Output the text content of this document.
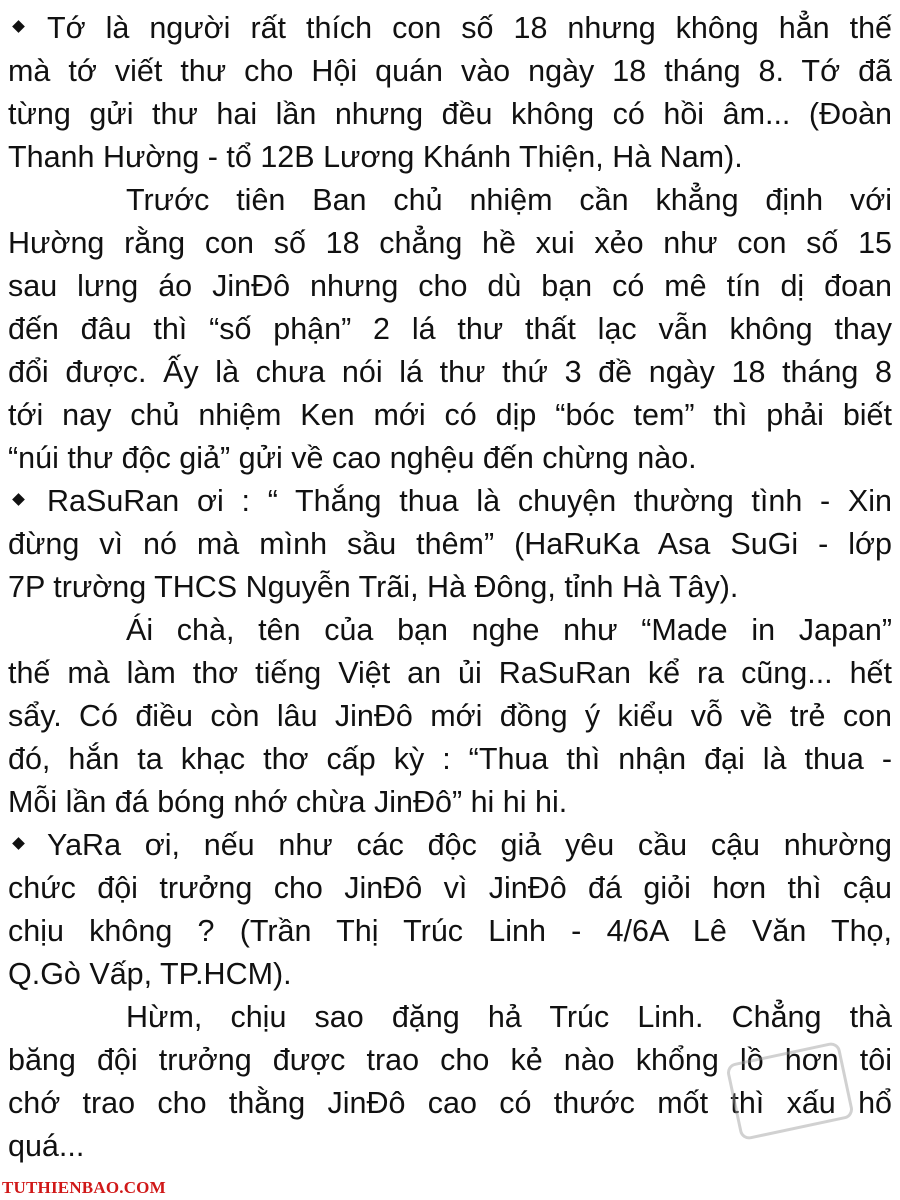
Tớ là người rất thích con số 18 nhưng không hẳn thế
mà tớ viết thư cho Hội quán vào ngày 18 tháng 8. Tớ đã
từng gửi thư hai lần nhưng đều không có hồi âm... (Đoàn
Thanh Hường - tổ 12B Lương Khánh Thiện, Hà Nam).
Trước tiên Ban chủ nhiệm cần khẳng định với
Hường rằng con số 18 chẳng hề xui xẻo như con số 15
sau lưng áo JinĐô nhưng cho dù bạn có mê tín dị đoan
đến đâu thì “số phận” 2 lá thư thất lạc vẫn không thay
đổi được. Ấy là chưa nói lá thư thứ 3 đề ngày 18 tháng 8
tới nay chủ nhiệm Ken mới có dịp “bóc tem” thì phải biết
“núi thư độc giả” gửi về cao nghệu đến chừng nào.
RaSuRan ơi : “ Thắng thua là chuyện thường tình - Xin
đừng vì nó mà mình sầu thêm” (HaRuKa Asa SuGi - lớp
7P trường THCS Nguyễn Trãi, Hà Đông, tỉnh Hà Tây).
Ái chà, tên của bạn nghe như “Made in Japan”
thế mà làm thơ tiếng Việt an ủi RaSuRan kể ra cũng... hết
sẩy. Có điều còn lâu JinĐô mới đồng ý kiểu vỗ về trẻ con
đó, hắn ta khạc thơ cấp kỳ : “Thua thì nhận đại là thua -
Mỗi lần đá bóng nhớ chừa JinĐô” hi hi hi.
YaRa ơi, nếu như các độc giả yêu cầu cậu nhường
chức đội trưởng cho JinĐô vì JinĐô đá giỏi hơn thì cậu
chịu không ? (Trần Thị Trúc Linh - 4/6A Lê Văn Thọ,
Q.Gò Vấp, TP.HCM).
Hừm, chịu sao đặng hả Trúc Linh. Chẳng thà
băng đội trưởng được trao cho kẻ nào khổng lồ hơn tôi
chớ trao cho thằng JinĐô cao có thước mốt thì xấu hổ
quá...
TUTHIENBAO.COM
